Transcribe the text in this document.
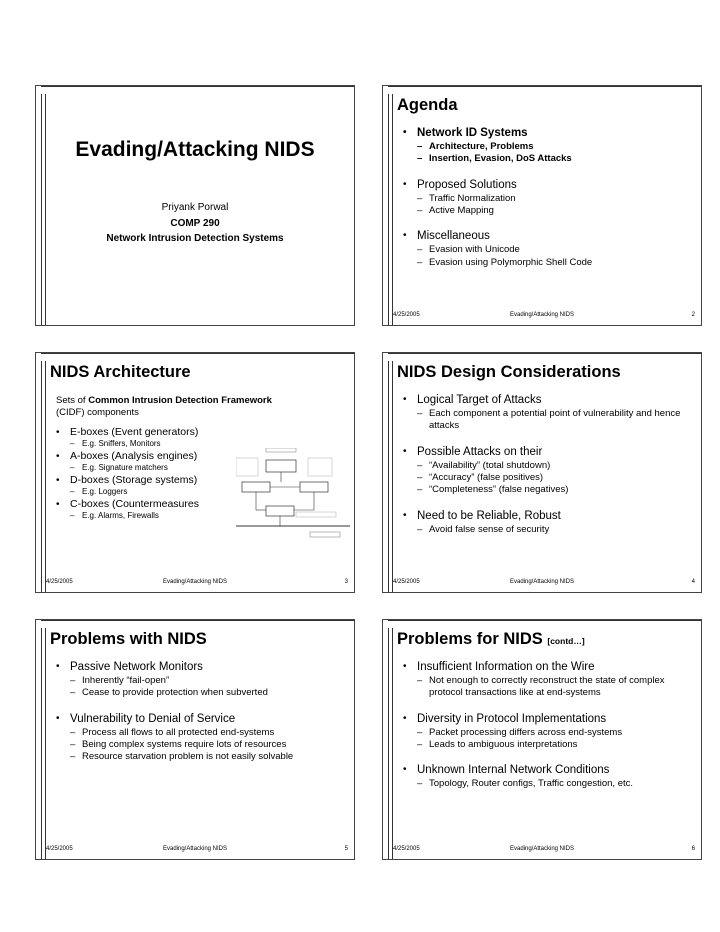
Evading/Attacking NIDS
Priyank Porwal
COMP 290
Network Intrusion Detection Systems
Agenda
• Network ID Systems
– Architecture, Problems
– Insertion, Evasion, DoS Attacks
• Proposed Solutions
– Traffic Normalization
– Active Mapping
• Miscellaneous
– Evasion with Unicode
– Evasion using Polymorphic Shell Code
4/25/2005	Evading/Attacking NIDS	2
NIDS Architecture
Sets of Common Intrusion Detection Framework
(CIDF) components
• E-boxes (Event generators)
– E.g. Sniffers, Monitors
• A-boxes (Analysis engines)
– E.g. Signature matchers
• D-boxes (Storage systems)
– E.g. Loggers
• C-boxes (Countermeasures
– E.g. Alarms, Firewalls
4/25/2005	Evading/Attacking NIDS	3
NIDS Design Considerations
• Logical Target of Attacks
– Each component a potential point of vulnerability and hence attacks
• Possible Attacks on their
– “Availability” (total shutdown)
– “Accuracy” (false positives)
– “Completeness” (false negatives)
• Need to be Reliable, Robust
– Avoid false sense of security
4/25/2005	Evading/Attacking NIDS	4
Problems with NIDS
• Passive Network Monitors
– Inherently “fail-open”
– Cease to provide protection when subverted
• Vulnerability to Denial of Service
– Process all flows to all protected end-systems
– Being complex systems require lots of resources
– Resource starvation problem is not easily solvable
4/25/2005	Evading/Attacking NIDS	5
Problems for NIDS [contd…]
• Insufficient Information on the Wire
– Not enough to correctly reconstruct the state of complex protocol transactions like at end-systems
• Diversity in Protocol Implementations
– Packet processing differs across end-systems
– Leads to ambiguous interpretations
• Unknown Internal Network Conditions
– Topology, Router configs, Traffic congestion, etc.
4/25/2005	Evading/Attacking NIDS	6
